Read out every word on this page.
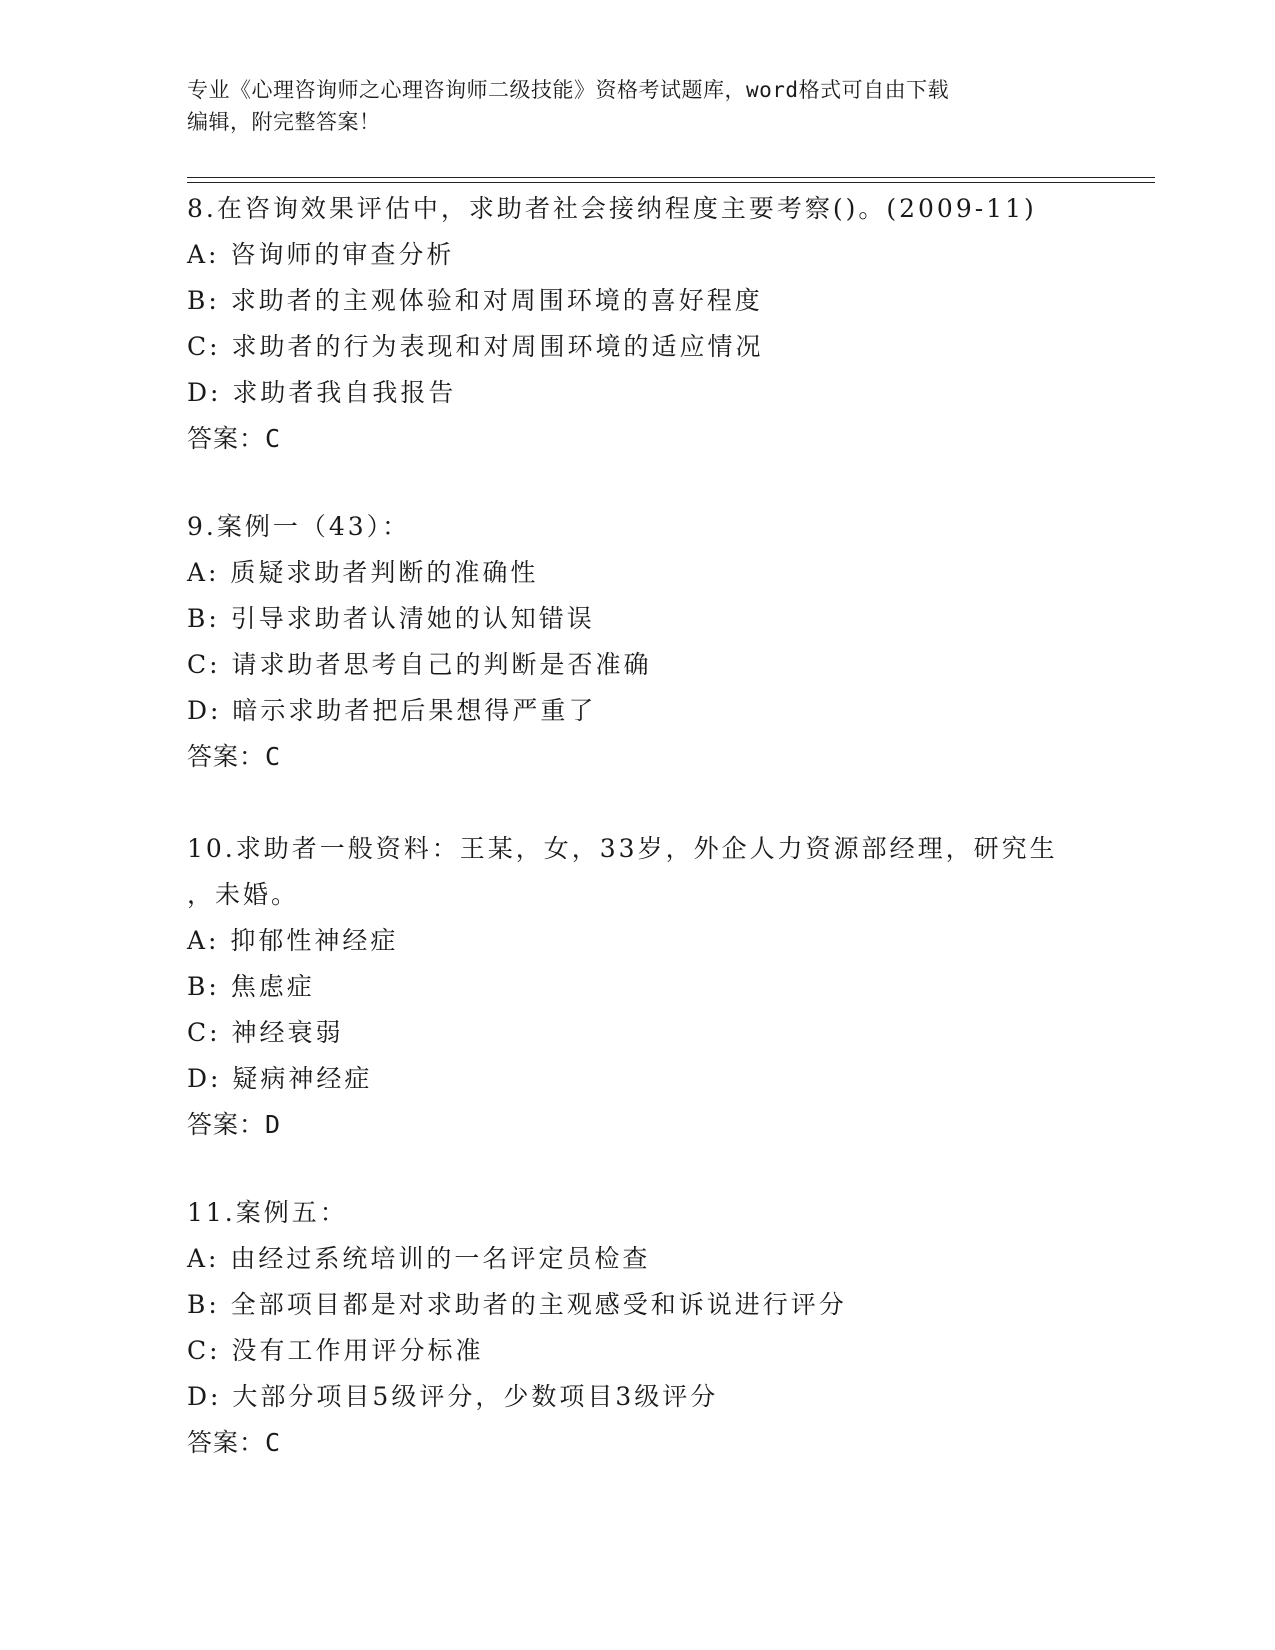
专业《心理咨询师之心理咨询师二级技能》资格考试题库，word格式可自由下载
编辑，附完整答案！
8.在咨询效果评估中，求助者社会接纳程度主要考察()。(2009-11)
A: 咨询师的审查分析
B: 求助者的主观体验和对周围环境的喜好程度
C: 求助者的行为表现和对周围环境的适应情况
D: 求助者我自我报告
答案：C
9.案例一（43）：
A: 质疑求助者判断的准确性
B: 引导求助者认清她的认知错误
C: 请求助者思考自己的判断是否准确
D: 暗示求助者把后果想得严重了
答案：C
10.求助者一般资料：王某，女，33岁，外企人力资源部经理，研究生
，未婚。
A: 抑郁性神经症
B: 焦虑症
C: 神经衰弱
D: 疑病神经症
答案：D
11.案例五：
A: 由经过系统培训的一名评定员检查
B: 全部项目都是对求助者的主观感受和诉说进行评分
C: 没有工作用评分标准
D: 大部分项目5级评分，少数项目3级评分
答案：C
